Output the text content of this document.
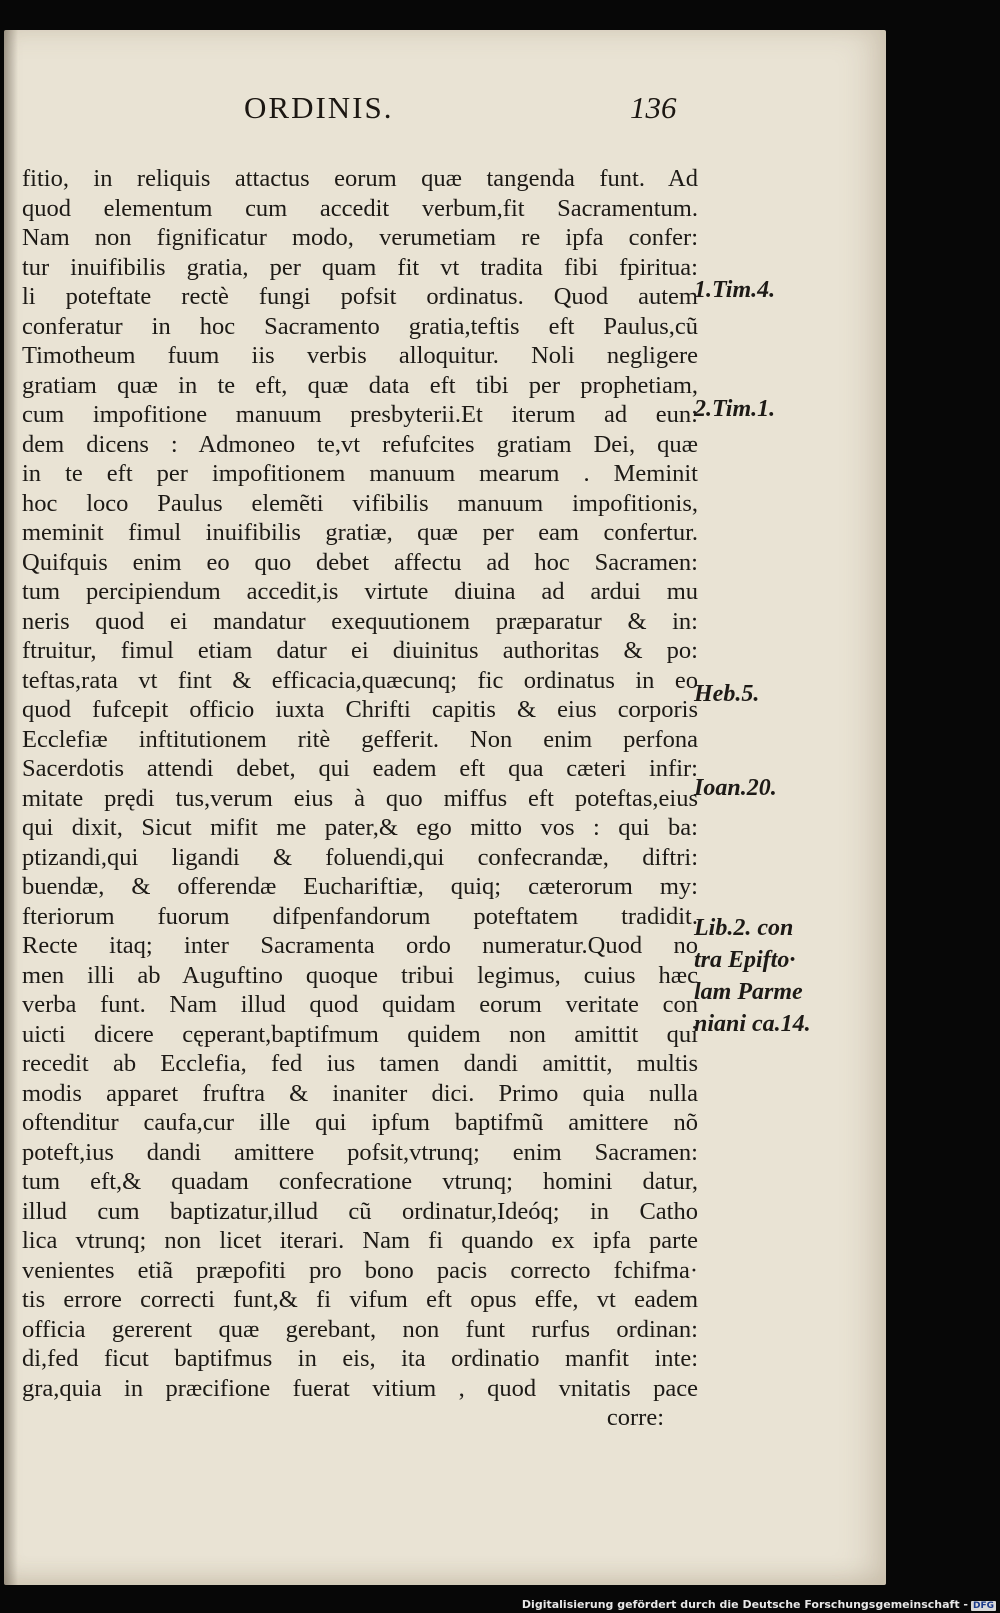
ORDINIS.	136
fitio, in reliquis attactus eorum quæ tangenda funt. Ad
quod elementum cum accedit verbum,fit Sacramentum.
Nam non fignificatur modo, verumetiam re ipfa confer:
tur inuifibilis gratia, per quam fit vt tradita fibi fpiritua:
li poteftate rectè fungi pofsit ordinatus. Quod autem
conferatur in hoc Sacramento gratia,teftis eft Paulus,cũ
Timotheum fuum iis verbis alloquitur. Noli negligere
gratiam quæ in te eft, quæ data eft tibi per prophetiam,
cum impofitione manuum presbyterii.Et iterum ad eun:
dem dicens : Admoneo te,vt refufcites gratiam Dei, quæ
in te eft per impofitionem manuum mearum . Meminit
hoc loco Paulus elemẽti vifibilis manuum impofitionis,
meminit fimul inuifibilis gratiæ, quæ per eam confertur.
Quifquis enim eo quo debet affectu ad hoc Sacramen:
tum percipiendum accedit,is virtute diuina ad ardui mu
neris quod ei mandatur exequutionem præparatur & in:
ftruitur, fimul etiam datur ei diuinitus authoritas & po:
teftas,rata vt fint & efficacia,quæcunq; fic ordinatus in eo
quod fufcepit officio iuxta Chrifti capitis & eius corporis
Ecclefiæ inftitutionem ritè gefferit. Non enim perfona
Sacerdotis attendi debet, qui eadem eft qua cæteri infir:
mitate prędi tus,verum eius à quo miffus eft poteftas,eius
qui dixit, Sicut mifit me pater,& ego mitto vos : qui ba:
ptizandi,qui ligandi & foluendi,qui confecrandæ, diftri:
buendæ, & offerendæ Euchariftiæ, quiq; cæterorum my:
fteriorum fuorum difpenfandorum poteftatem tradidit.
Recte itaq; inter Sacramenta ordo numeratur.Quod no
men illi ab Auguftino quoque tribui legimus, cuius hæc
verba funt. Nam illud quod quidam eorum veritate con
uicti dicere cęperant,baptifmum quidem non amittit qui
recedit ab Ecclefia, fed ius tamen dandi amittit, multis
modis apparet fruftra & inaniter dici. Primo quia nulla
oftenditur caufa,cur ille qui ipfum baptifmũ amittere nõ
poteft,ius dandi amittere pofsit,vtrunq; enim Sacramen:
tum eft,& quadam confecratione vtrunq; homini datur,
illud cum baptizatur,illud cũ ordinatur,Ideóq; in Catho
lica vtrunq; non licet iterari. Nam fi quando ex ipfa parte
venientes etiã præpofiti pro bono pacis correcto fchifma·
tis errore correcti funt,& fi vifum eft opus effe, vt eadem
officia gererent quæ gerebant, non funt rurfus ordinan:
di,fed ficut baptifmus in eis, ita ordinatio manfit inte:
gra,quia in præcifione fuerat vitium , quod vnitatis pace
corre:
1.Tim.4.
2.Tim.1.
Heb.5.
Ioan.20.
Lib.2. con
tra Epifto·
lam Parme
niani ca.14.
Digitalisierung gefördert durch die Deutsche Forschungsgemeinschaft - DFG
